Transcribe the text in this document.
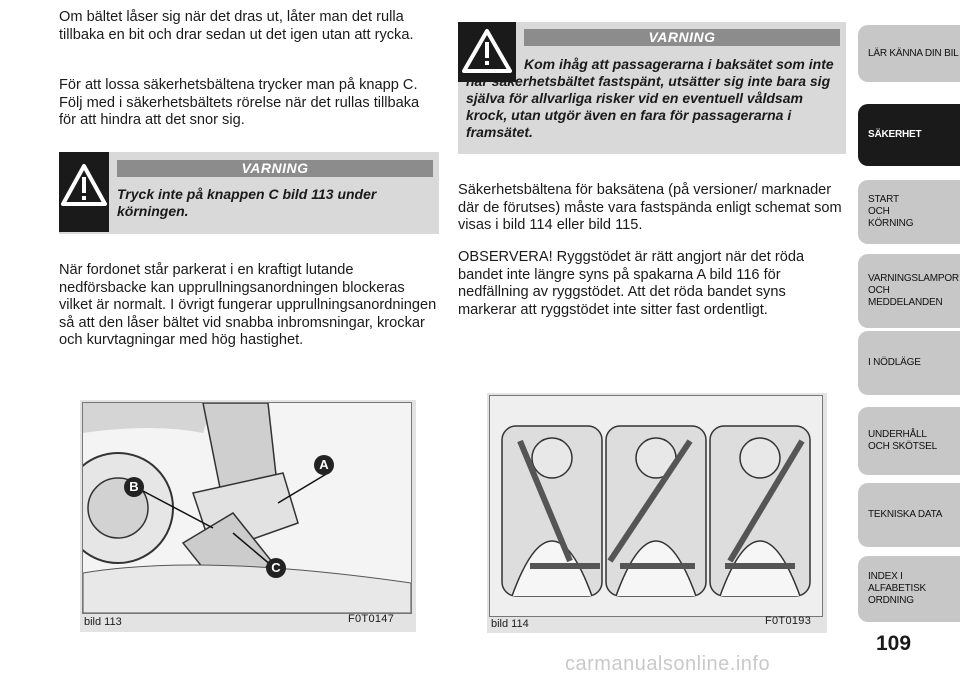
Om bältet låser sig när det dras ut, låter man det rulla tillbaka en bit och drar sedan ut det igen utan att rycka.

För att lossa säkerhetsbältena trycker man på knapp C. Följ med i säkerhetsbältets rörelse när det rullas tillbaka för att hindra att det snor sig.

VARNING

Tryck inte på knappen C bild 113 under körningen.

När fordonet står parkerat i en kraftigt lutande nedförsbacke kan upprullningsanordningen blockeras vilket är normalt. I övrigt fungerar upprullningsanordningen så att den låser bältet vid snabba inbromsningar, krockar och kurvtagningar med hög hastighet.

VARNING

Kom ihåg att passagerarna i baksätet som inte har säkerhetsbältet fastspänt, utsätter sig inte bara sig själva för allvarliga risker vid en eventuell våldsam krock, utan utgör även en fara för passagerarna i framsätet.

Säkerhetsbältena för baksätena (på versioner/ marknader där de förutses) måste vara fastspända enligt schemat som visas i bild 114 eller bild 115.

OBSERVERA! Ryggstödet är rätt angjort när det röda bandet inte längre syns på spakarna A bild 116 för nedfällning av ryggstödet. Att det röda bandet syns markerar att ryggstödet inte sitter fast ordentligt.

A
B
C
bild 113	F0T0147	bild 114	F0T0193
LÄR KÄNNA DIN BIL
SÄKERHET
START OCH KÖRNING
VARNINGSLAMPOR OCH MEDDELANDEN
I NÖDLÄGE
UNDERHÅLL OCH SKÖTSEL
TEKNISKA DATA
INDEX I ALFABETISK ORDNING
109
carmanualsonline.info
